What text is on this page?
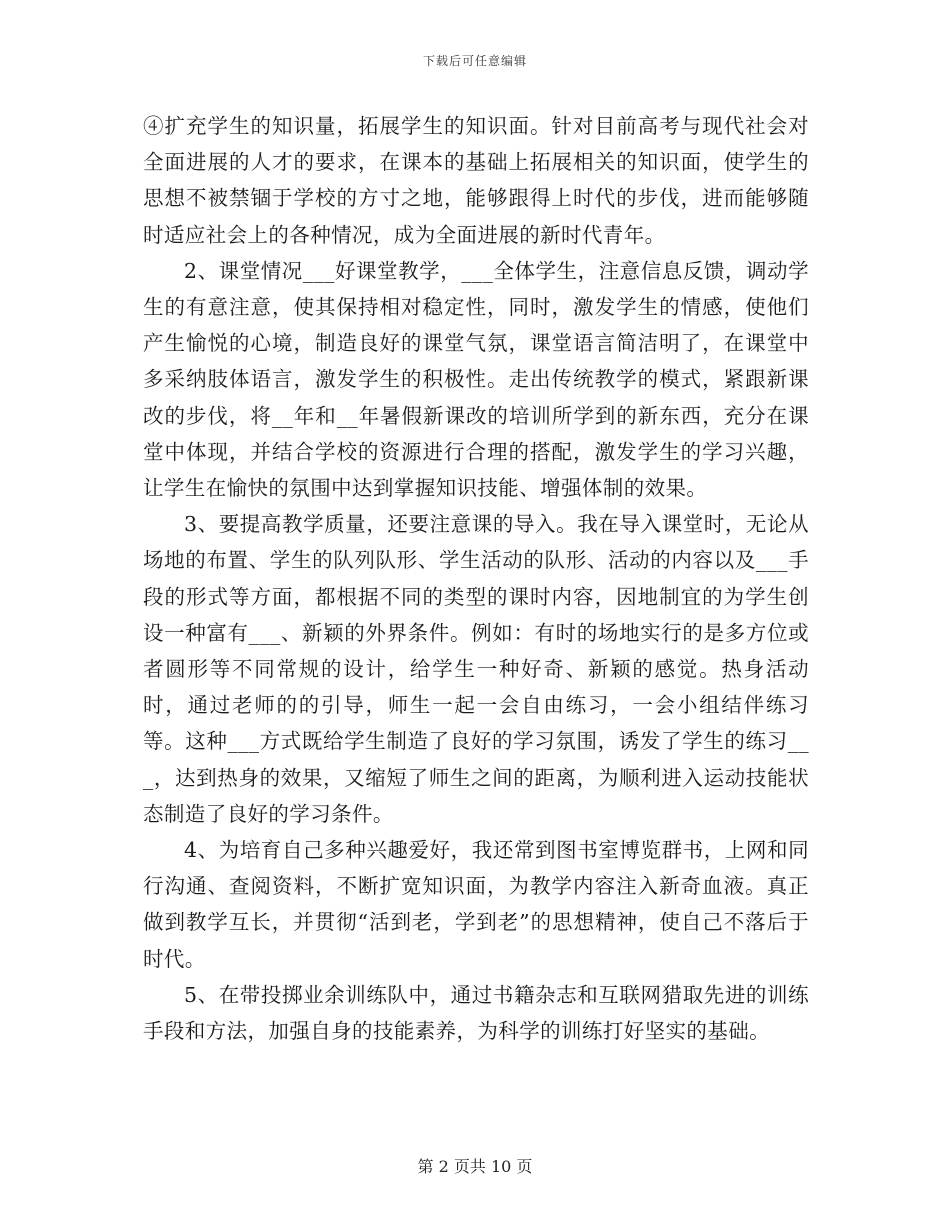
下载后可任意编辑

④扩充学生的知识量，拓展学生的知识面。针对目前高考与现代社会对全面进展的人才的要求，在课本的基础上拓展相关的知识面，使学生的思想不被禁锢于学校的方寸之地，能够跟得上时代的步伐，进而能够随时适应社会上的各种情况，成为全面进展的新时代青年。

2、课堂情况___好课堂教学，___全体学生，注意信息反馈，调动学生的有意注意，使其保持相对稳定性，同时，激发学生的情感，使他们产生愉悦的心境，制造良好的课堂气氛，课堂语言简洁明了，在课堂中多采纳肢体语言，激发学生的积极性。走出传统教学的模式，紧跟新课改的步伐，将__年和__年暑假新课改的培训所学到的新东西，充分在课堂中体现，并结合学校的资源进行合理的搭配，激发学生的学习兴趣，让学生在愉快的氛围中达到掌握知识技能、增强体制的效果。

3、要提高教学质量，还要注意课的导入。我在导入课堂时，无论从场地的布置、学生的队列队形、学生活动的队形、活动的内容以及___手段的形式等方面，都根据不同的类型的课时内容，因地制宜的为学生创设一种富有___、新颖的外界条件。例如：有时的场地实行的是多方位或者圆形等不同常规的设计，给学生一种好奇、新颖的感觉。热身活动时，通过老师的的引导，师生一起一会自由练习，一会小组结伴练习等。这种___方式既给学生制造了良好的学习氛围，诱发了学生的练习___，达到热身的效果，又缩短了师生之间的距离，为顺利进入运动技能状态制造了良好的学习条件。

4、为培育自己多种兴趣爱好，我还常到图书室博览群书，上网和同行沟通、查阅资料，不断扩宽知识面，为教学内容注入新奇血液。真正做到教学互长，并贯彻“活到老，学到老”的思想精神，使自己不落后于时代。

5、在带投掷业余训练队中，通过书籍杂志和互联网猎取先进的训练手段和方法，加强自身的技能素养，为科学的训练打好坚实的基础。

第 2 页共 10 页
